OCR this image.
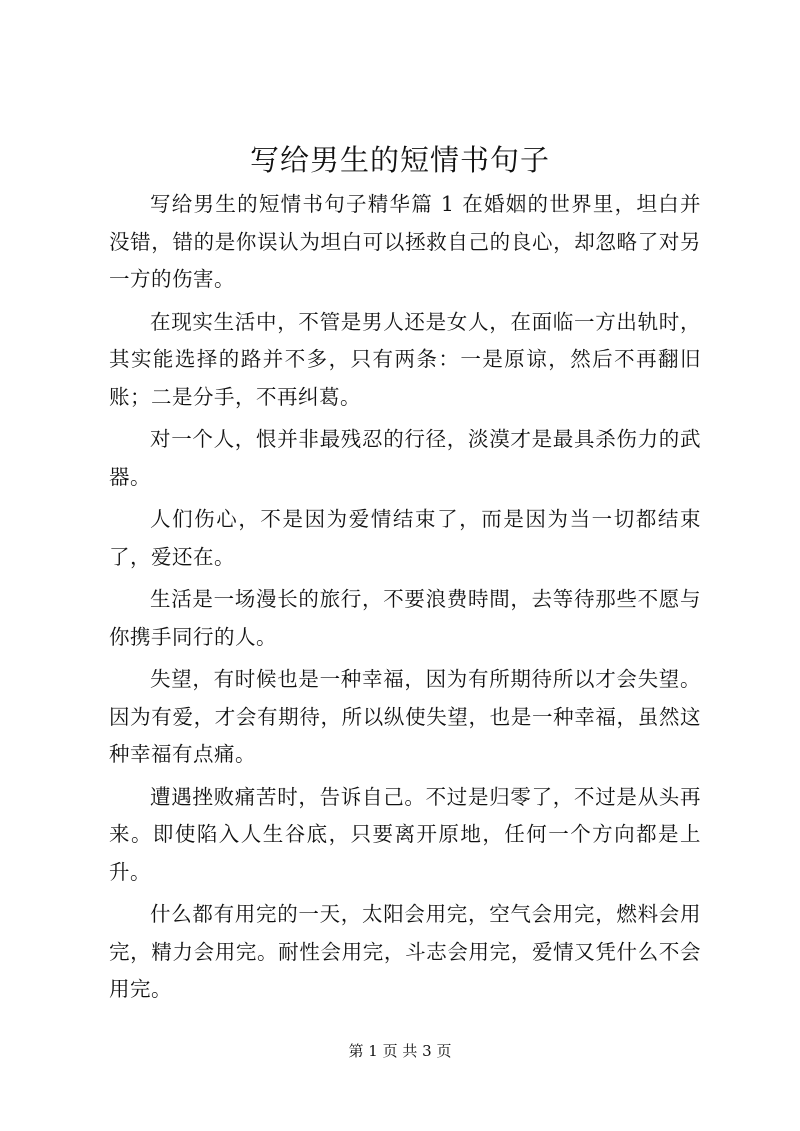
写给男生的短情书句子

写给男生的短情书句子精华篇 1 在婚姻的世界里，坦白并没错，错的是你误认为坦白可以拯救自己的良心，却忽略了对另一方的伤害。

在现实生活中，不管是男人还是女人，在面临一方出轨时，其实能选择的路并不多，只有两条：一是原谅，然后不再翻旧账；二是分手，不再纠葛。

对一个人，恨并非最残忍的行径，淡漠才是最具杀伤力的武器。

人们伤心，不是因为爱情结束了，而是因为当一切都结束了，爱还在。

生活是一场漫长的旅行，不要浪费時間，去等待那些不愿与你携手同行的人。

失望，有时候也是一种幸福，因为有所期待所以才会失望。因为有爱，才会有期待，所以纵使失望，也是一种幸福，虽然这种幸福有点痛。

遭遇挫败痛苦时，告诉自己。不过是归零了，不过是从头再来。即使陷入人生谷底，只要离开原地，任何一个方向都是上升。

什么都有用完的一天，太阳会用完，空气会用完，燃料会用完，精力会用完。耐性会用完，斗志会用完，爱情又凭什么不会用完。

第 1 页 共 3 页
